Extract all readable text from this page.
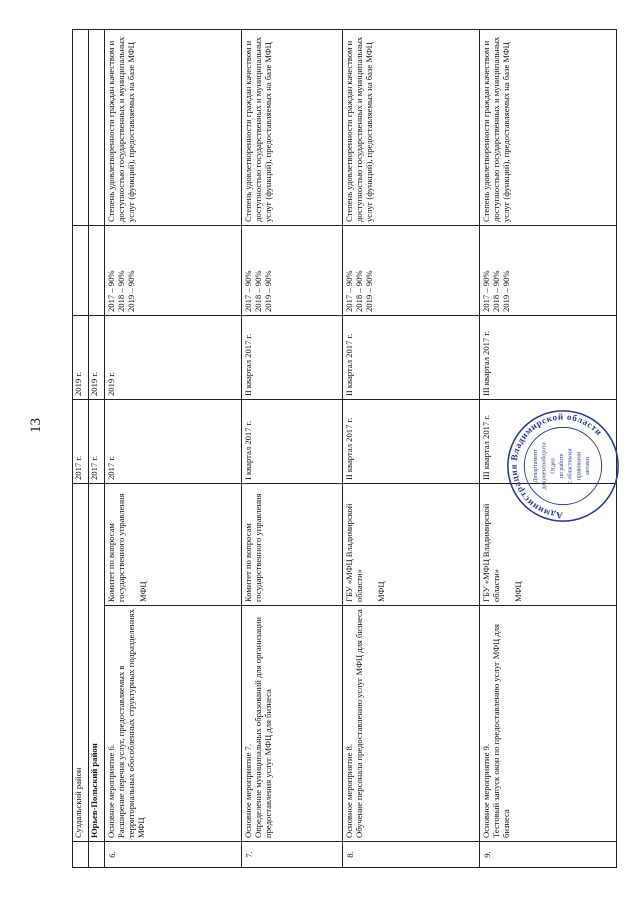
13
	Суздальский район		2017 г.	2019 г.		
	Юрьев-Польский район		2017 г.	2019 г.		
6.	Основное мероприятие 6. Расширение перечня услуг, предоставляемых в территориальных обособленных структурных подразделениях МФЦ	Комитет по вопросам государственного управления МФЦ	2017 г.	2019 г.	2017 – 90% 2018 – 90% 2019 – 90%	Степень удовлетворенности граждан качеством и доступностью государственных и муниципальных услуг (функций), предоставляемых на базе МФЦ
7.	Основное мероприятие 7. Определение муниципальных образований для организации предоставления услуг МФЦ для бизнеса	Комитет по вопросам государственного управления	I квартал 2017 г.	II квартал 2017 г.	2017 – 90% 2018 – 90% 2019 – 90%	Степень удовлетворенности граждан качеством и доступностью государственных и муниципальных услуг (функций), предоставляемых на базе МФЦ
8.	Основное мероприятие 8. Обучение персонала предоставлению услуг МФЦ для бизнеса	ГБУ «МФЦ Владимирской области» МФЦ	II квартал 2017 г.	II квартал 2017 г.	2017 – 90% 2018 – 90% 2019 – 90%	Степень удовлетворенности граждан качеством и доступностью государственных и муниципальных услуг (функций), предоставляемых на базе МФЦ
9.	Основное мероприятие 9. Тестовый запуск окон по предоставлению услуг МФЦ для бизнеса	ГБУ «МФЦ Владимирской области» МФЦ	III квартал 2017 г.	III квартал 2017 г.	2017 – 90% 2018 – 90% 2019 – 90%	Степень удовлетворенности граждан качеством и доступностью государственных и муниципальных услуг (функций), предоставляемых на базе МФЦ
Администрация Владимирской области
Департамент документооборота Отдел по работе с областными правовыми актами
